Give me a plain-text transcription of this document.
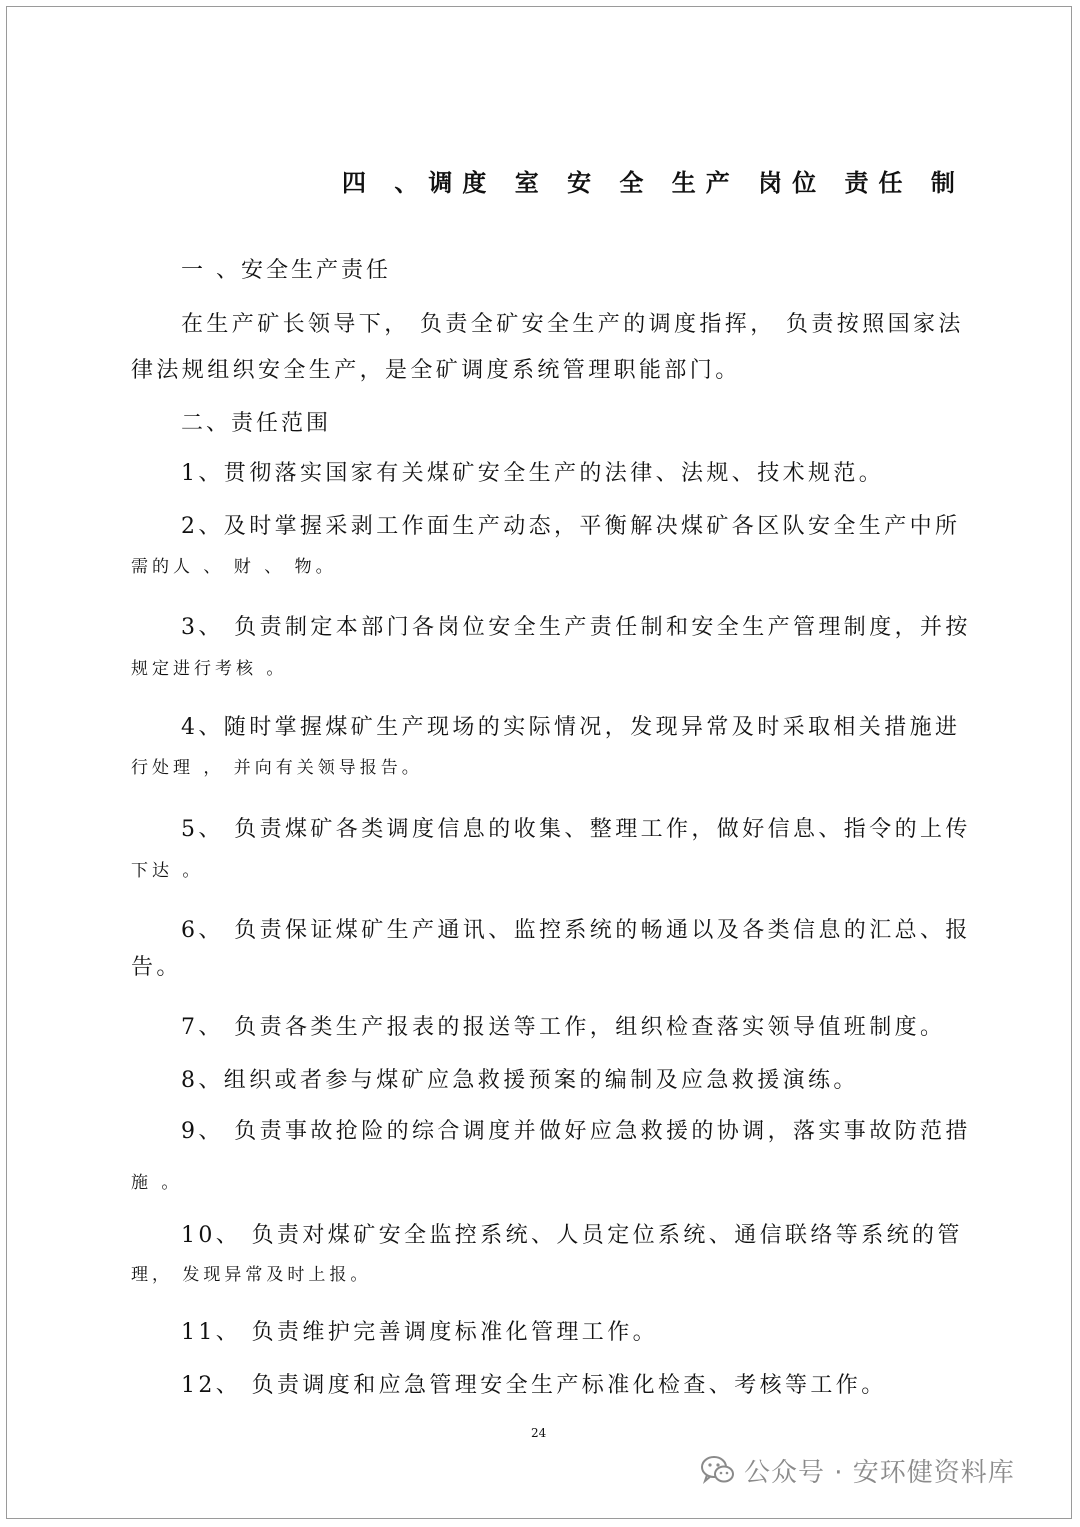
四 、调度 室 安 全 生产 岗位 责任 制
一 、安全生产责任
在生产矿长领导下， 负责全矿安全生产的调度指挥， 负责按照国家法
律法规组织安全生产，是全矿调度系统管理职能部门。
二、责任范围
1、贯彻落实国家有关煤矿安全生产的法律、法规、技术规范。
2、及时掌握采剥工作面生产动态，平衡解决煤矿各区队安全生产中所
需的人 、 财 、 物。
3、 负责制定本部门各岗位安全生产责任制和安全生产管理制度，并按
规定进行考核 。
4、随时掌握煤矿生产现场的实际情况，发现异常及时采取相关措施进
行处理 ， 并向有关领导报告。
5、 负责煤矿各类调度信息的收集、整理工作，做好信息、指令的上传
下达 。
6、 负责保证煤矿生产通讯、监控系统的畅通以及各类信息的汇总、报
告。
7、 负责各类生产报表的报送等工作，组织检查落实领导值班制度。
8、组织或者参与煤矿应急救援预案的编制及应急救援演练。
9、 负责事故抢险的综合调度并做好应急救援的协调，落实事故防范措
施 。
10、 负责对煤矿安全监控系统、人员定位系统、通信联络等系统的管
理， 发现异常及时上报。
11、 负责维护完善调度标准化管理工作。
12、 负责调度和应急管理安全生产标准化检查、考核等工作。
24
公众号 · 安环健资料库
